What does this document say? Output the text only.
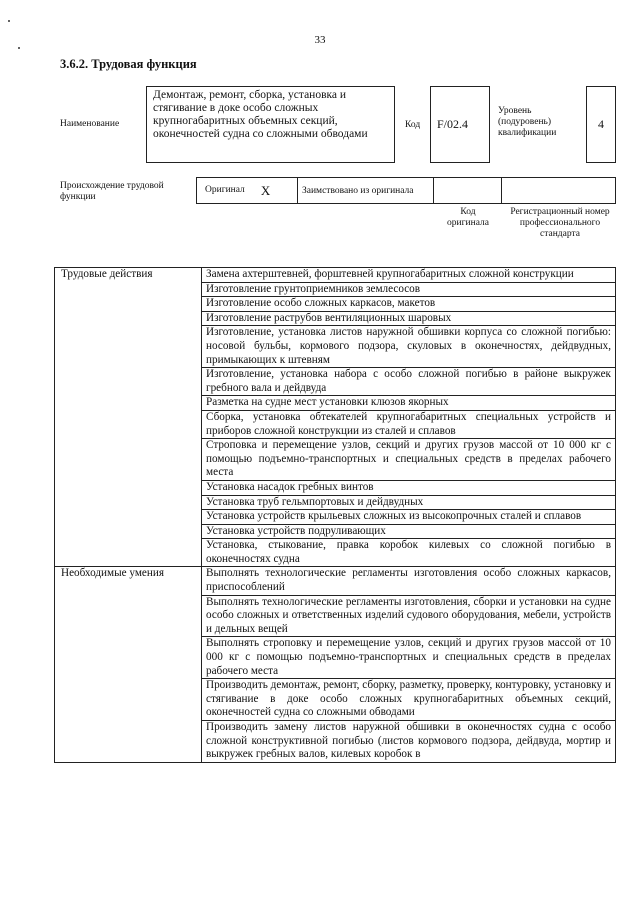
33
3.6.2. Трудовая функция
Наименование
Демонтаж, ремонт, сборка, установка и стягивание в доке особо сложных крупногабаритных объемных секций, оконечностей судна со сложными обводами
Код	F/02.4
Уровень (подуровень) квалификации
4
Происхождение трудовой функции
Оригинал X	Заимствовано из оригинала
Код оригинала
Регистрационный номер профессионального стандарта
Трудовые действия	Замена ахтерштевней, форштевней крупногабаритных сложной конструкции
	Изготовление грунтоприемников землесосов
	Изготовление особо сложных каркасов, макетов
	Изготовление раструбов вентиляционных шаровых
	Изготовление, установка листов наружной обшивки корпуса со сложной погибью: носовой бульбы, кормового подзора, скуловых в оконечностях, дейдвудных, примыкающих к штевням
	Изготовление, установка набора с особо сложной погибью в районе выкружек гребного вала и дейдвуда
	Разметка на судне мест установки клюзов якорных
	Сборка, установка обтекателей крупногабаритных специальных устройств и приборов сложной конструкции из сталей и сплавов
	Строповка и перемещение узлов, секций и других грузов массой от 10 000 кг с помощью подъемно-транспортных и специальных средств в пределах рабочего места
	Установка насадок гребных винтов
	Установка труб гельмпортовых и дейдвудных
	Установка устройств крыльевых сложных из высокопрочных сталей и сплавов
	Установка устройств подруливающих
	Установка, стыкование, правка коробок килевых со сложной погибью в оконечностях судна
Необходимые умения	Выполнять технологические регламенты изготовления особо сложных каркасов, приспособлений
	Выполнять технологические регламенты изготовления, сборки и установки на судне особо сложных и ответственных изделий судового оборудования, мебели, устройств и дельных вещей
	Выполнять строповку и перемещение узлов, секций и других грузов массой от 10 000 кг с помощью подъемно-транспортных и специальных средств в пределах рабочего места
	Производить демонтаж, ремонт, сборку, разметку, проверку, контуровку, установку и стягивание в доке особо сложных крупногабаритных объемных секций, оконечностей судна со сложными обводами
	Производить замену листов наружной обшивки в оконечностях судна с особо сложной конструктивной погибью (листов кормового подзора, дейдвуда, мортир и выкружек гребных валов, килевых коробок в
